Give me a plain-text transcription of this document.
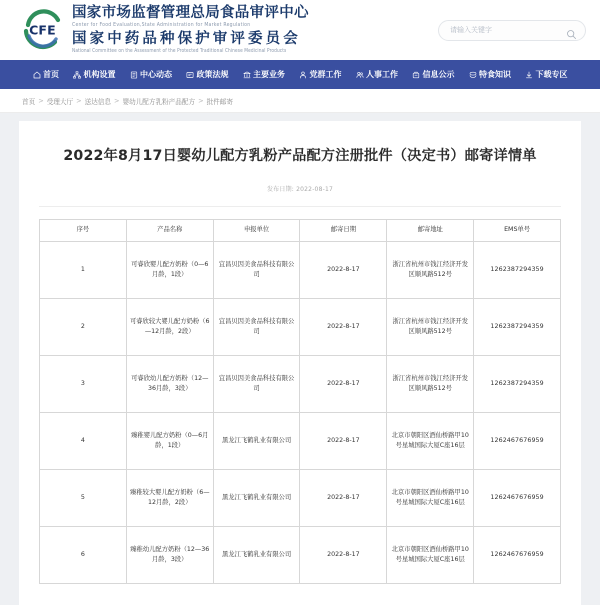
CFE
国家市场监督管理总局食品审评中心
Center for Food Evaluation,State Administration for Market Regulation
国家中药品种保护审评委员会
National Committee on the Assessment of the Protected Traditional Chinese Medicinal Products
请输入关键字
首页	机构设置	中心动态	政策法规	主要业务	党群工作	人事工作	信息公示	特食知识	下载专区
首页 > 受理大厅 > 送达信息 > 婴幼儿配方乳粉产品配方 > 批件邮寄
2022年8月17日婴幼儿配方乳粉产品配方注册批件（决定书）邮寄详情单
发布日期: 2022-08-17
序号	产品名称	申报单位	邮寄日期	邮寄地址	EMS单号
1	可睿欣婴儿配方奶粉（0—6月龄，1段）	宜昌贝因美食品科技有限公司	2022-8-17	浙江省杭州市钱江经济开发区顺风路512号	1262387294359
2	可睿欣较大婴儿配方奶粉（6—12月龄，2段）	宜昌贝因美食品科技有限公司	2022-8-17	浙江省杭州市钱江经济开发区顺风路512号	1262387294359
3	可睿欣幼儿配方奶粉（12—36月龄，3段）	宜昌贝因美食品科技有限公司	2022-8-17	浙江省杭州市钱江经济开发区顺风路512号	1262387294359
4	臻稚婴儿配方奶粉（0—6月龄，1段）	黑龙江飞鹤乳业有限公司	2022-8-17	北京市朝阳区酒仙桥路甲10号星城国际大厦C座16层	1262467676959
5	臻稚较大婴儿配方奶粉（6—12月龄，2段）	黑龙江飞鹤乳业有限公司	2022-8-17	北京市朝阳区酒仙桥路甲10号星城国际大厦C座16层	1262467676959
6	臻稚幼儿配方奶粉（12—36月龄，3段）	黑龙江飞鹤乳业有限公司	2022-8-17	北京市朝阳区酒仙桥路甲10号星城国际大厦C座16层	1262467676959
